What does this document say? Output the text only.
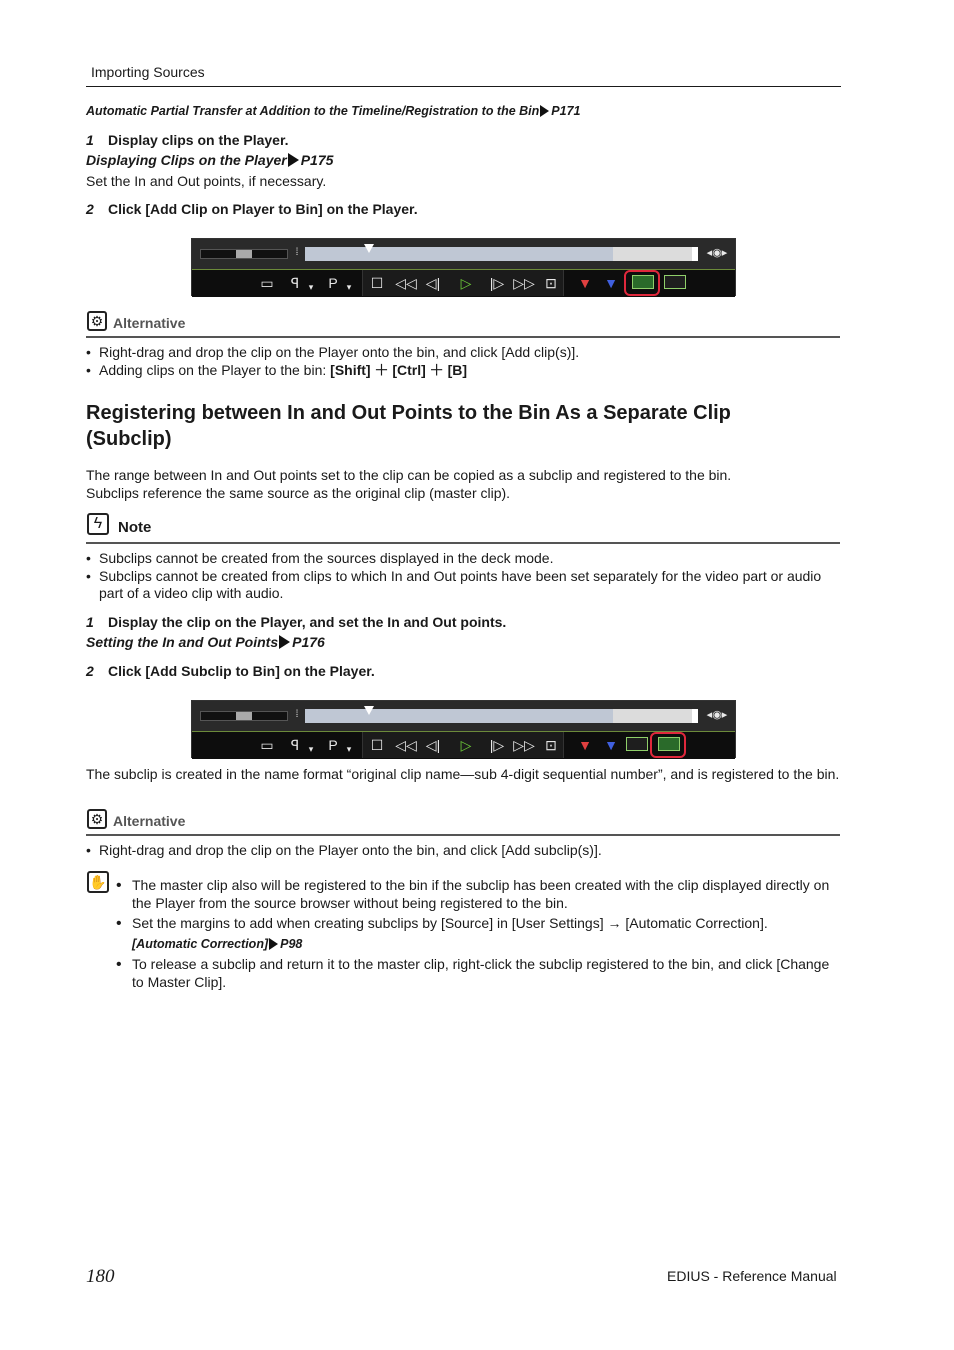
Importing Sources
Automatic Partial Transfer at Addition to the Timeline/Registration to the Bin P171
1 Display clips on the Player.
Displaying Clips on the Player P175
Set the In and Out points, if necessary.
2 Click [Add Clip on Player to Bin] on the Player.
⁞	◂◉▸
▭ ꟼ	▾ P	▾ ☐ ◁◁ ◁|	▷	|▷ ▷▷ ⊡ ▼ ▼
⚙ Alternative
• Right-drag and drop the clip on the Player onto the bin, and click [Add clip(s)].
• Adding clips on the Player to the bin: [Shift] ＋ [Ctrl] ＋ [B]
Registering between In and Out Points to the Bin As a Separate Clip (Subclip)
The range between In and Out points set to the clip can be copied as a subclip and registered to the bin.
Subclips reference the same source as the original clip (master clip).
ϟ	Note
• Subclips cannot be created from the sources displayed in the deck mode.
• Subclips cannot be created from clips to which In and Out points have been set separately for the video part or audio part of a video clip with audio.
1 Display the clip on the Player, and set the In and Out points.
Setting the In and Out Points P176
2 Click [Add Subclip to Bin] on the Player.
⁞	◂◉▸
▭ ꟼ	▾ P	▾ ☐ ◁◁ ◁|	▷	|▷ ▷▷ ⊡ ▼ ▼
The subclip is created in the name format “original clip name—sub 4-digit sequential number”, and is registered to the bin.
⚙ Alternative
• Right-drag and drop the clip on the Player onto the bin, and click [Add subclip(s)].
✋
•	The master clip also will be registered to the bin if the subclip has been created with the clip displayed directly on the Player from the source browser without being registered to the bin.
• Set the margins to add when creating subclips by [Source] in [User Settings] → [Automatic Correction].
[Automatic Correction] P98
• To release a subclip and return it to the master clip, right-click the subclip registered to the bin, and click [Change to Master Clip].
180	EDIUS - Reference Manual
